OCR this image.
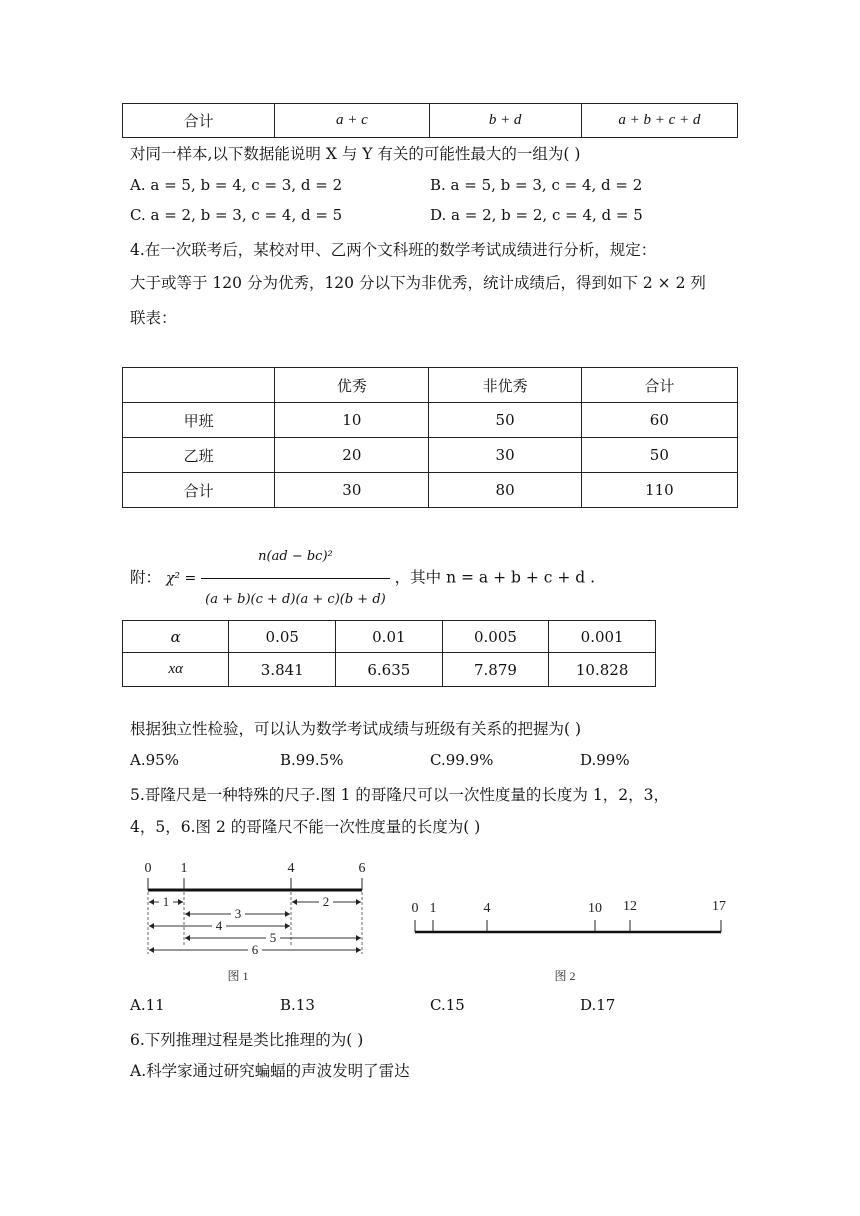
合计	a + c	b + d	a + b + c + d
对同一样本,以下数据能说明 X 与 Y 有关的可能性最大的一组为( )
A. a = 5, b = 4, c = 3, d = 2	B. a = 5, b = 3, c = 4, d = 2
C. a = 2, b = 3, c = 4, d = 5	D. a = 2, b = 2, c = 4, d = 5
4.在一次联考后，某校对甲、乙两个文科班的数学考试成绩进行分析，规定：
大于或等于 120 分为优秀，120 分以下为非优秀，统计成绩后，得到如下 2 × 2 列
联表：
	优秀	非优秀	合计
甲班	10	50	60
乙班	20	30	50
合计	30	80	110
附： $\chi^2 = \frac{\text{n(ad − bc)²}}{(a + b)(c + d)(a + c)(b + d)}$ ，其中 n = a + b + c + d .
α	0.05	0.01	0.005	0.001
xα	3.841	6.635	7.879	10.828
根据独立性检验，可以认为数学考试成绩与班级有关系的把握为( )
A.95%	B.99.5%	C.99.9%	D.99%
5.哥隆尺是一种特殊的尺子.图 1 的哥隆尺可以一次性度量的长度为 1，2，3，
4，5，6.图 2 的哥隆尺不能一次性度量的长度为( )
0 1	4	6
1
3
2
4
5
6
图 1
0 1	4	10 12	17
图 2
A.11	B.13	C.15	D.17
6.下列推理过程是类比推理的为( )
A.科学家通过研究蝙蝠的声波发明了雷达
